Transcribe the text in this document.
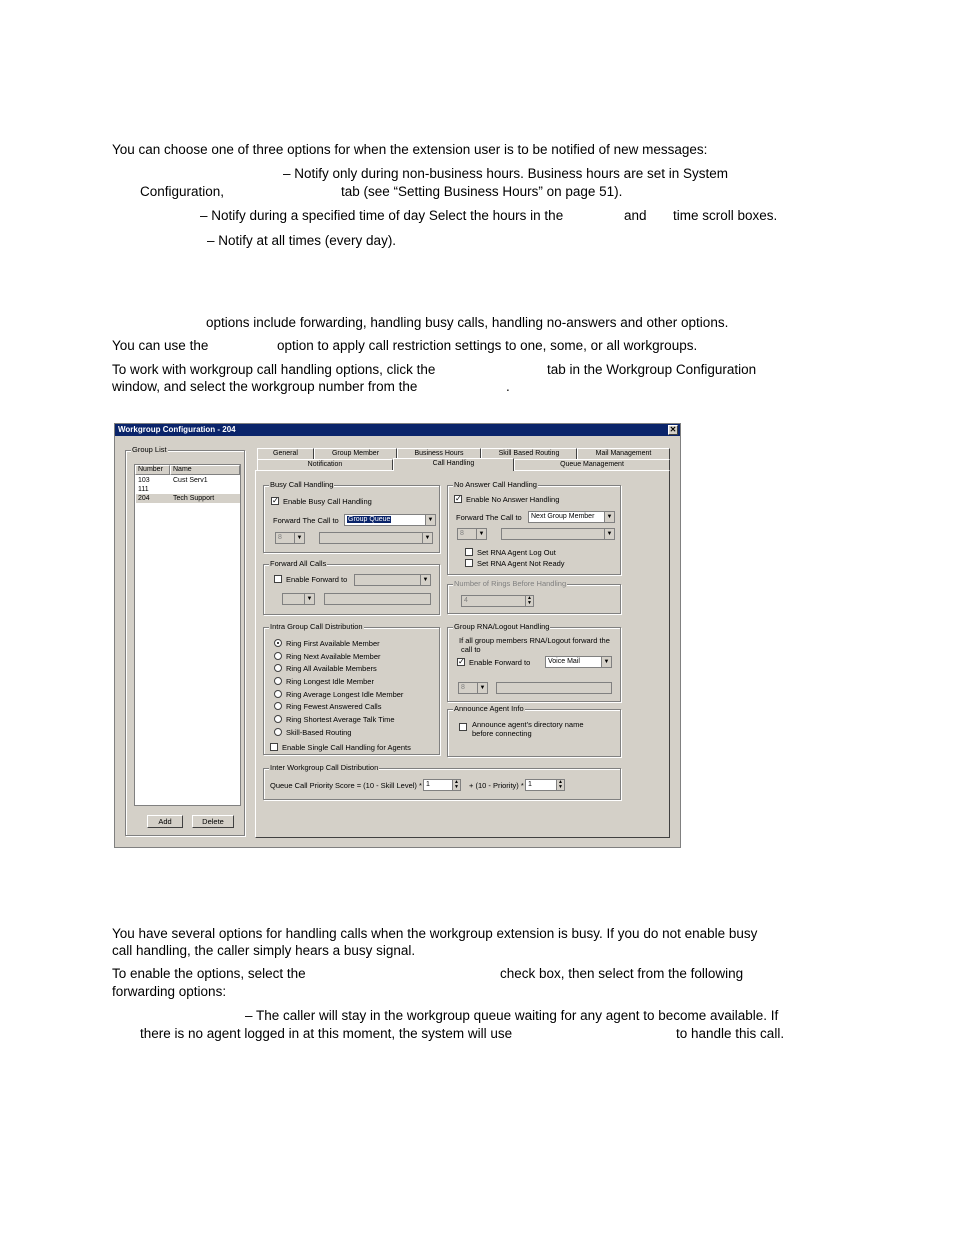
You can choose one of three options for when the extension user is to be notified of new messages:
– Notify only during non-business hours. Business hours are set in System
Configuration,	tab (see “Setting Business Hours” on page 51).
– Notify during a specified time of day Select the hours in the	and time scroll boxes.
– Notify at all times (every day).
options include forwarding, handling busy calls, handling no-answers and other options.
You can use the	option to apply call restriction settings to one, some, or all workgroups.
To work with workgroup call handling options, click the	tab in the Workgroup Configuration
window, and select the workgroup number from the	.
Workgroup Configuration - 204	✕
Group List
Number	Name
103	Cust Serv1
111
204	Tech Support
Add	Delete
General	Group Member	Business Hours	Skill Based Routing	Mail Management
Notification	Call Handling	Queue Management
Busy Call Handling
✓ Enable Busy Call Handling
Forward The Call to	Group Queue	▼
8	▼	▼
No Answer Call Handling
✓ Enable No Answer Handling
Forward The Call to	Next Group Member	▼
8	▼	▼
Set RNA Agent Log Out
Set RNA Agent Not Ready
Forward All Calls
Enable Forward to	▼
▼
Number of Rings Before Handling
4	▲
▼
Intra Group Call Distribution
Ring First Available Member
Ring Next Available Member
Ring All Available Members
Ring Longest Idle Member
Ring Average Longest Idle Member
Ring Fewest Answered Calls
Ring Shortest Average Talk Time
Skill-Based Routing
Enable Single Call Handling for Agents
Group RNA/Logout Handling
If all group members RNA/Logout forward the
call to
✓ Enable Forward to	Voice Mail	▼
8	▼
Announce Agent Info
Announce agent's directory name
before connecting
Inter Workgroup Call Distribution
Queue Call Priority Score = (10 - Skill Level) * 1	▲
▼ + (10 - Priority) * 1	▲
▼
You have several options for handling calls when the workgroup extension is busy. If you do not enable busy
call handling, the caller simply hears a busy signal.
To enable the options, select the	check box, then select from the following
forwarding options:
– The caller will stay in the workgroup queue waiting for any agent to become available. If
there is no agent logged in at this moment, the system will use	to handle this call.
